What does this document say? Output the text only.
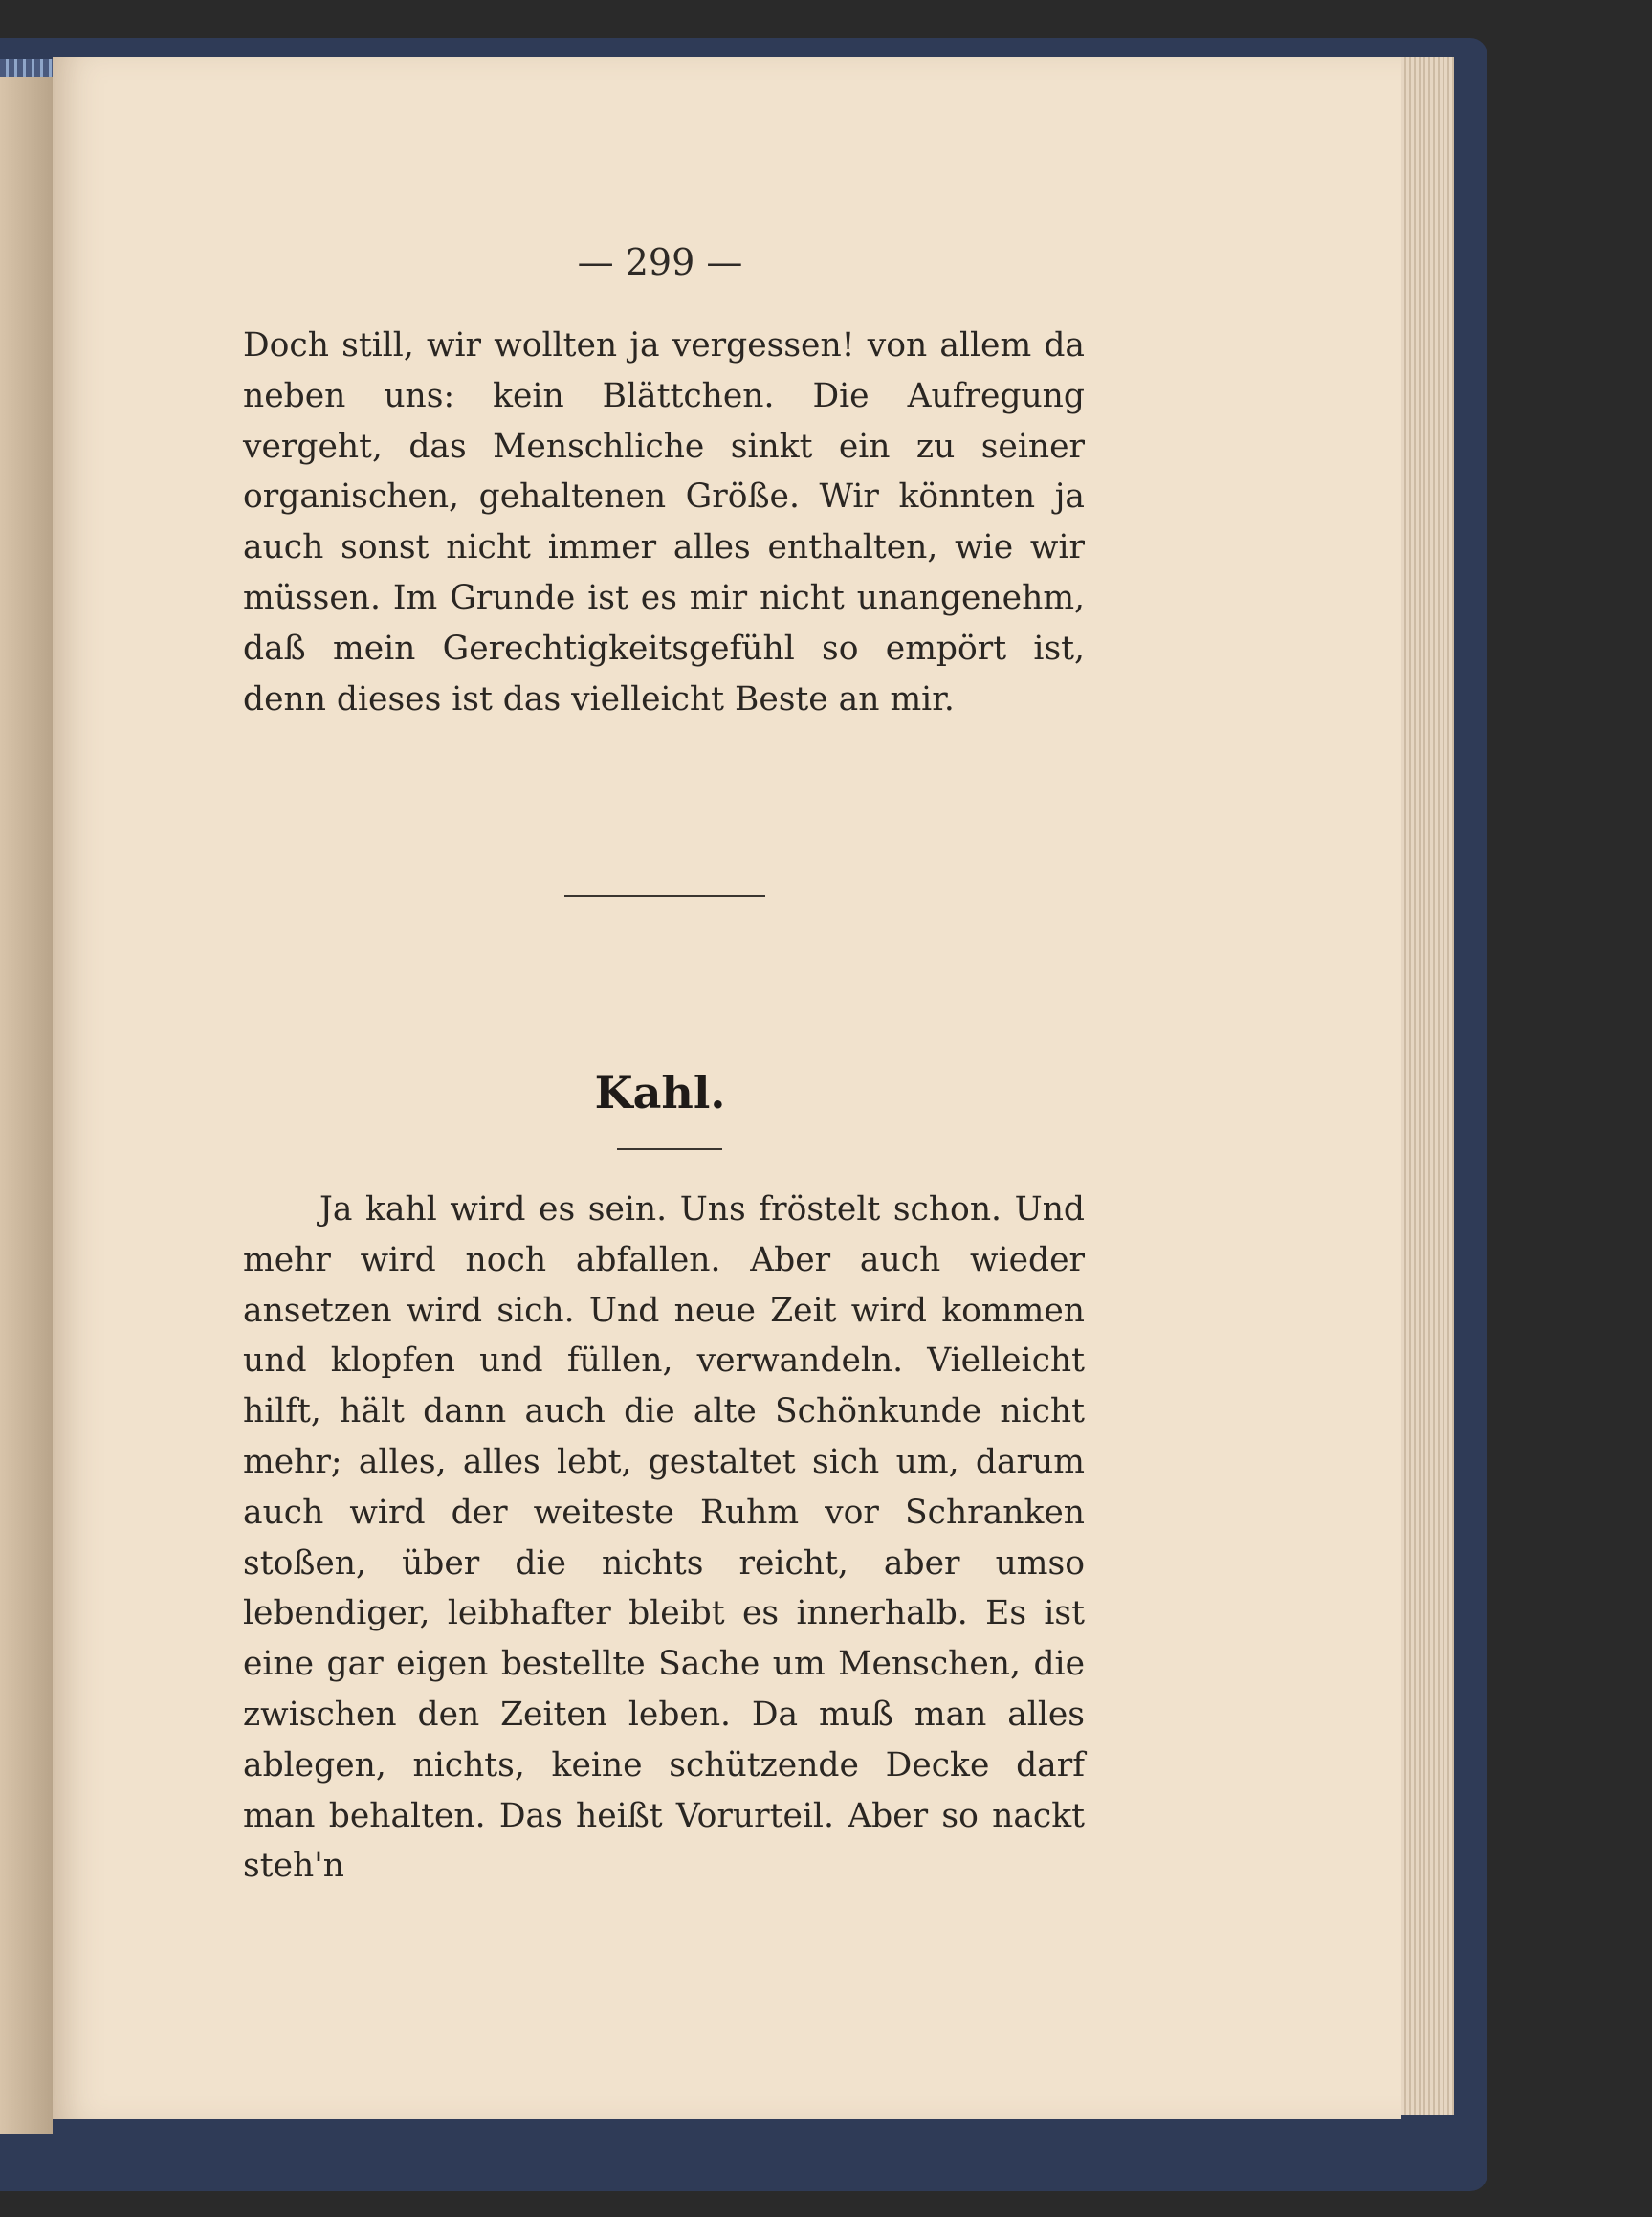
— 299 —

Doch still, wir wollten ja vergessen! von allem da neben uns: kein Blättchen. Die Aufregung vergeht, das Menschliche sinkt ein zu seiner organischen, gehaltenen Größe. Wir könnten ja auch sonst nicht immer alles enthalten, wie wir müssen. Im Grunde ist es mir nicht unangenehm, daß mein Gerechtigkeitsgefühl so empört ist, denn dieses ist das vielleicht Beste an mir.

Kahl.

Ja kahl wird es sein. Uns fröstelt schon. Und mehr wird noch abfallen. Aber auch wieder ansetzen wird sich. Und neue Zeit wird kommen und klopfen und füllen, verwandeln. Vielleicht hilft, hält dann auch die alte Schönkunde nicht mehr; alles, alles lebt, gestaltet sich um, darum auch wird der weiteste Ruhm vor Schranken stoßen, über die nichts reicht, aber umso lebendiger, leibhafter bleibt es innerhalb. Es ist eine gar eigen bestellte Sache um Menschen, die zwischen den Zeiten leben. Da muß man alles ablegen, nichts, keine schützende Decke darf man behalten. Das heißt Vorurteil. Aber so nackt steh'n
